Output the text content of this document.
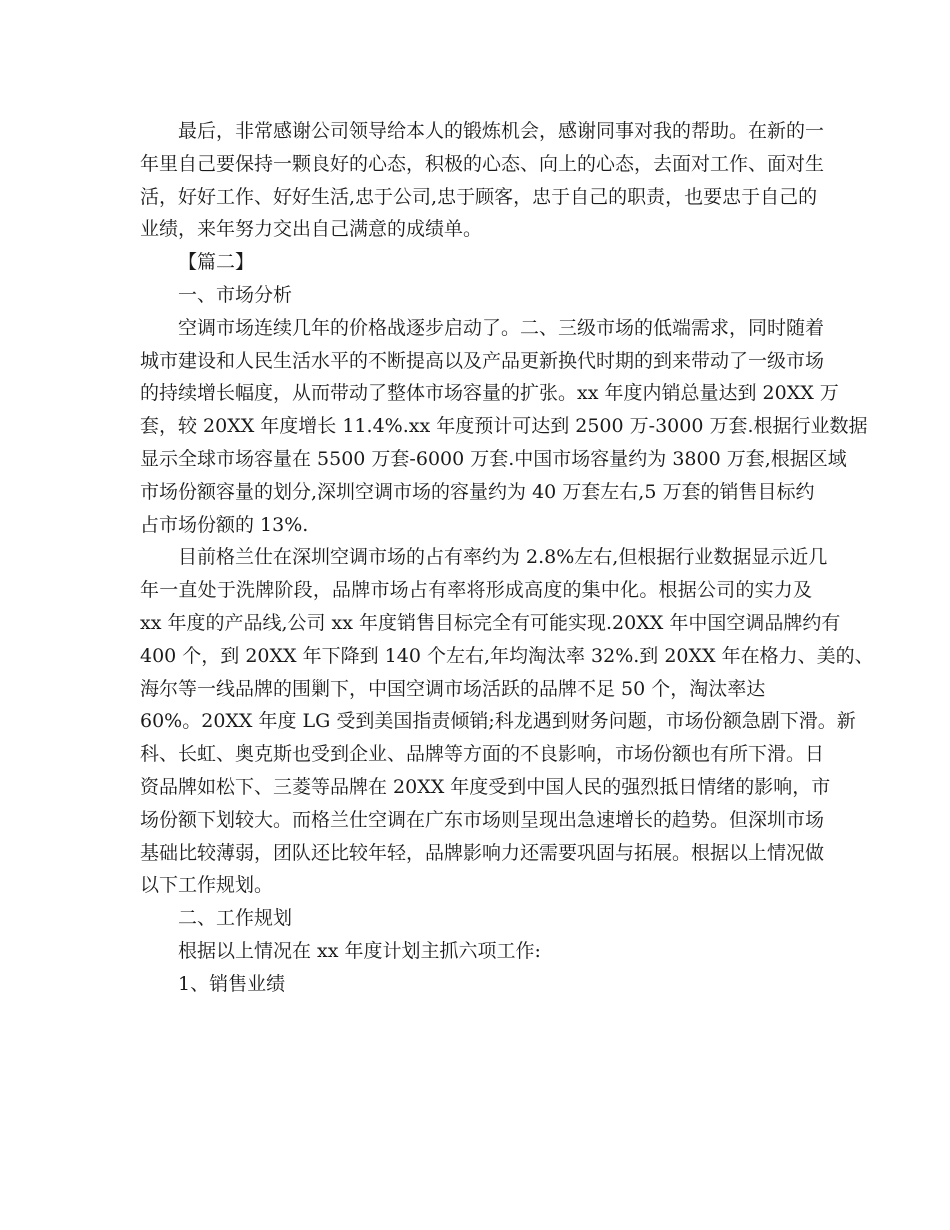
最后，非常感谢公司领导给本人的锻炼机会，感谢同事对我的帮助。在新的一
年里自己要保持一颗良好的心态，积极的心态、向上的心态，去面对工作、面对生
活，好好工作、好好生活,忠于公司,忠于顾客，忠于自己的职责，也要忠于自己的
业绩，来年努力交出自己满意的成绩单。
【篇二】
一、市场分析
空调市场连续几年的价格战逐步启动了。二、三级市场的低端需求，同时随着
城市建设和人民生活水平的不断提高以及产品更新换代时期的到来带动了一级市场
的持续增长幅度，从而带动了整体市场容量的扩张。xx 年度内销总量达到 20XX 万
套，较 20XX 年度增长 11.4%.xx 年度预计可达到 2500 万-3000 万套.根据行业数据
显示全球市场容量在 5500 万套-6000 万套.中国市场容量约为 3800 万套,根据区域
市场份额容量的划分,深圳空调市场的容量约为 40 万套左右,5 万套的销售目标约
占市场份额的 13%.
目前格兰仕在深圳空调市场的占有率约为 2.8%左右,但根据行业数据显示近几
年一直处于洗牌阶段，品牌市场占有率将形成高度的集中化。根据公司的实力及
xx 年度的产品线,公司 xx 年度销售目标完全有可能实现.20XX 年中国空调品牌约有
400 个，到 20XX 年下降到 140 个左右,年均淘汰率 32%.到 20XX 年在格力、美的、
海尔等一线品牌的围剿下，中国空调市场活跃的品牌不足 50 个，淘汰率达
60%。20XX 年度 LG 受到美国指责倾销;科龙遇到财务问题，市场份额急剧下滑。新
科、长虹、奥克斯也受到企业、品牌等方面的不良影响，市场份额也有所下滑。日
资品牌如松下、三菱等品牌在 20XX 年度受到中国人民的强烈抵日情绪的影响，市
场份额下划较大。而格兰仕空调在广东市场则呈现出急速增长的趋势。但深圳市场
基础比较薄弱，团队还比较年轻，品牌影响力还需要巩固与拓展。根据以上情况做
以下工作规划。
二、工作规划
根据以上情况在 xx 年度计划主抓六项工作:
1、销售业绩
